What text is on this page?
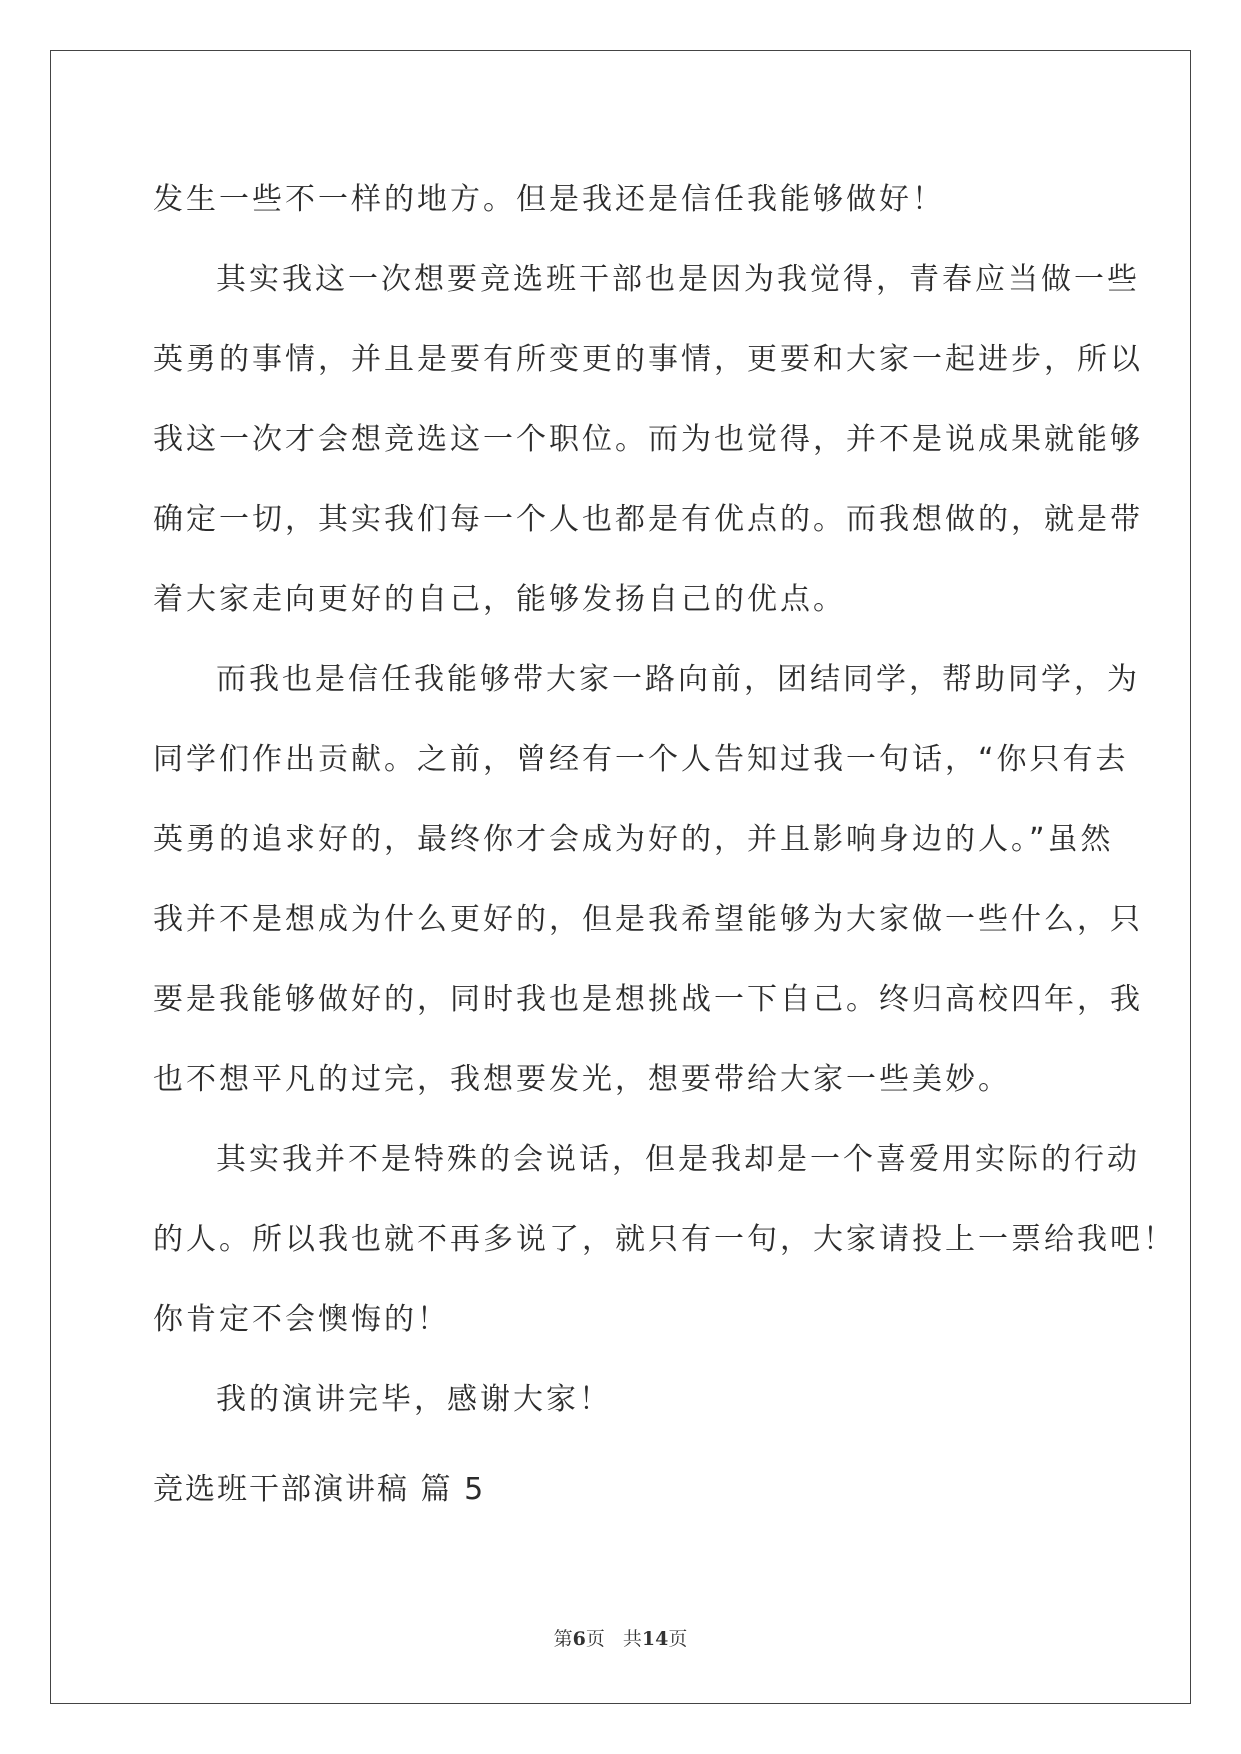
发生一些不一样的地方。但是我还是信任我能够做好！
其实我这一次想要竞选班干部也是因为我觉得，青春应当做一些
英勇的事情，并且是要有所变更的事情，更要和大家一起进步，所以
我这一次才会想竞选这一个职位。而为也觉得，并不是说成果就能够
确定一切，其实我们每一个人也都是有优点的。而我想做的，就是带
着大家走向更好的自己，能够发扬自己的优点。
而我也是信任我能够带大家一路向前，团结同学，帮助同学，为
同学们作出贡献。之前，曾经有一个人告知过我一句话，“你只有去
英勇的追求好的，最终你才会成为好的，并且影响身边的人。”虽然
我并不是想成为什么更好的，但是我希望能够为大家做一些什么，只
要是我能够做好的，同时我也是想挑战一下自己。终归高校四年，我
也不想平凡的过完，我想要发光，想要带给大家一些美妙。
其实我并不是特殊的会说话，但是我却是一个喜爱用实际的行动
的人。所以我也就不再多说了，就只有一句，大家请投上一票给我吧！
你肯定不会懊悔的！
我的演讲完毕，感谢大家！
竞选班干部演讲稿 篇 5
第6页 共14页
